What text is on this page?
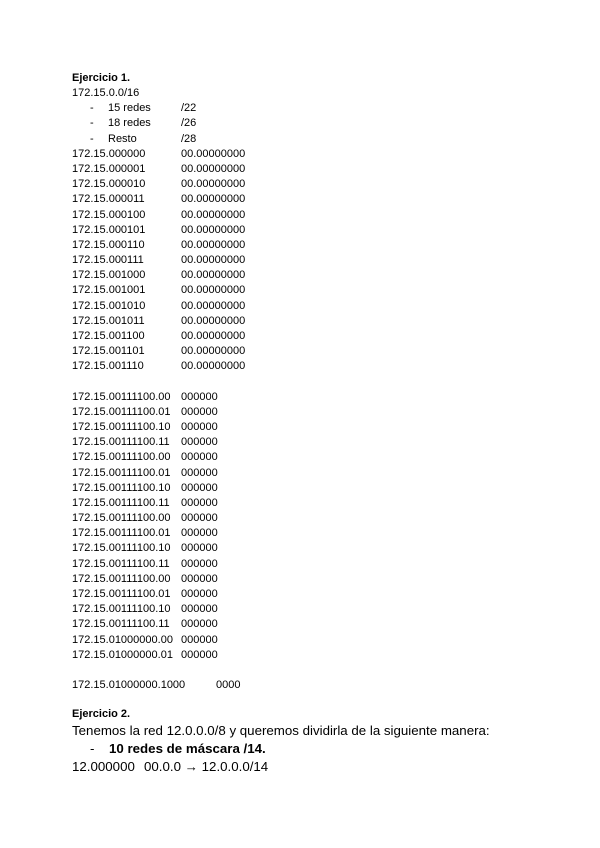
Ejercicio 1.
172.15.0.0/16
- 15 redes	/22
- 18 redes	/26
- Resto	/28
172.15.000000	00.00000000
172.15.000001	00.00000000
172.15.000010	00.00000000
172.15.000011	00.00000000
172.15.000100	00.00000000
172.15.000101	00.00000000
172.15.000110	00.00000000
172.15.000111	00.00000000
172.15.001000	00.00000000
172.15.001001	00.00000000
172.15.001010	00.00000000
172.15.001011	00.00000000
172.15.001100	00.00000000
172.15.001101	00.00000000
172.15.001110	00.00000000
172.15.00111100.00 000000
172.15.00111100.01 000000
172.15.00111100.10 000000
172.15.00111100.11 000000
172.15.00111100.00 000000
172.15.00111100.01 000000
172.15.00111100.10 000000
172.15.00111100.11 000000
172.15.00111100.00 000000
172.15.00111100.01 000000
172.15.00111100.10 000000
172.15.00111100.11 000000
172.15.00111100.00 000000
172.15.00111100.01 000000
172.15.00111100.10 000000
172.15.00111100.11 000000
172.15.01000000.00 000000
172.15.01000000.01 000000
172.15.01000000.1000	0000
Ejercicio 2.
Tenemos la red 12.0.0.0/8 y queremos dividirla de la siguiente manera:
- 10 redes de máscara /14.
12.000000 00.0.0 → 12.0.0.0/14
